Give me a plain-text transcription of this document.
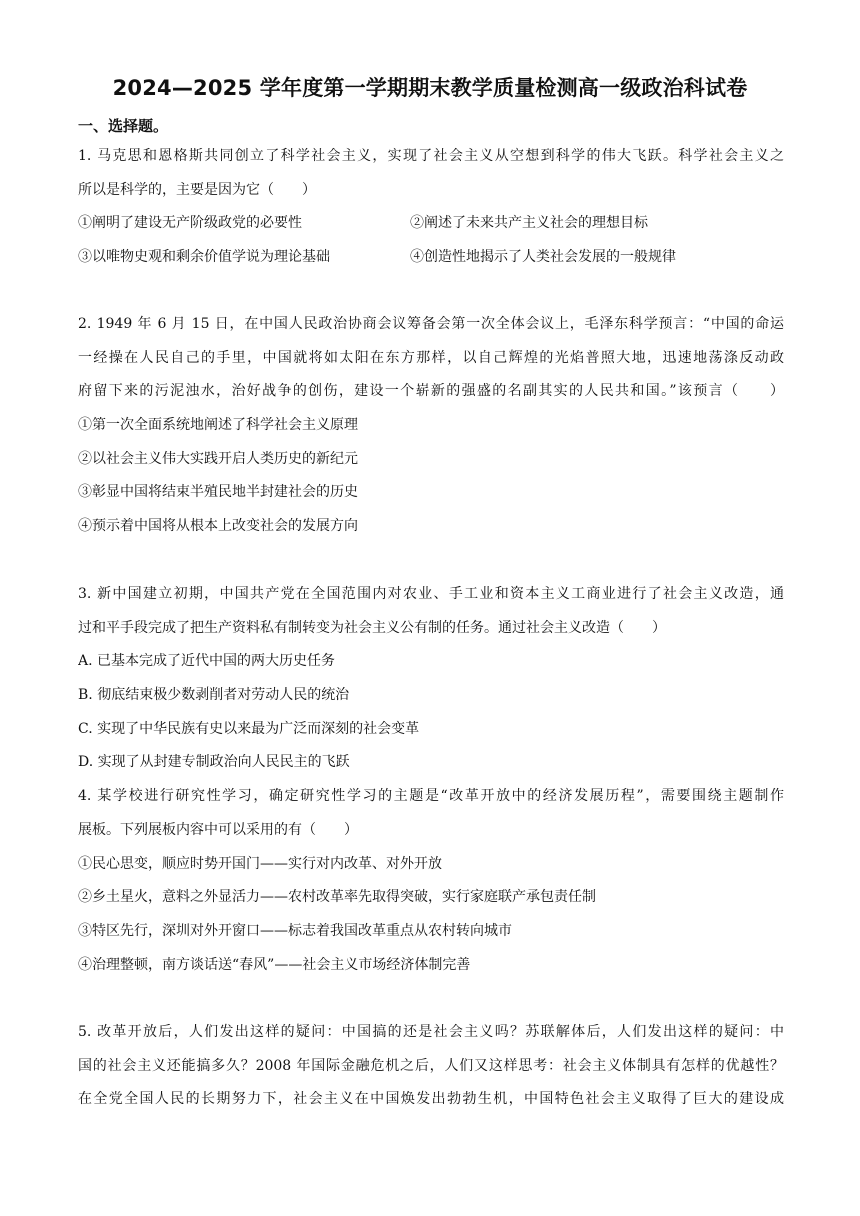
2024—2025 学年度第一学期期末教学质量检测高一级政治科试卷
一、选择题。
1. 马克思和恩格斯共同创立了科学社会主义，实现了社会主义从空想到科学的伟大飞跃。科学社会主义之
所以是科学的，主要是因为它（　　）
①阐明了建设无产阶级政党的必要性	②阐述了未来共产主义社会的理想目标
③以唯物史观和剩余价值学说为理论基础	④创造性地揭示了人类社会发展的一般规律
2. 1949 年 6 月 15 日，在中国人民政治协商会议筹备会第一次全体会议上，毛泽东科学预言：“中国的命运
一经操在人民自己的手里，中国就将如太阳在东方那样，以自己辉煌的光焰普照大地，迅速地荡涤反动政
府留下来的污泥浊水，治好战争的创伤，建设一个崭新的强盛的名副其实的人民共和国。”该预言（　　）
①第一次全面系统地阐述了科学社会主义原理
②以社会主义伟大实践开启人类历史的新纪元
③彰显中国将结束半殖民地半封建社会的历史
④预示着中国将从根本上改变社会的发展方向
3. 新中国建立初期，中国共产党在全国范围内对农业、手工业和资本主义工商业进行了社会主义改造，通
过和平手段完成了把生产资料私有制转变为社会主义公有制的任务。通过社会主义改造（　　）
A. 已基本完成了近代中国的两大历史任务
B. 彻底结束极少数剥削者对劳动人民的统治
C. 实现了中华民族有史以来最为广泛而深刻的社会变革
D. 实现了从封建专制政治向人民民主的飞跃
4. 某学校进行研究性学习，确定研究性学习的主题是“改革开放中的经济发展历程”，需要围绕主题制作
展板。下列展板内容中可以采用的有（　　）
①民心思变，顺应时势开国门——实行对内改革、对外开放
②乡土星火，意料之外显活力——农村改革率先取得突破，实行家庭联产承包责任制
③特区先行，深圳对外开窗口——标志着我国改革重点从农村转向城市
④治理整顿，南方谈话送“春风”——社会主义市场经济体制完善
5. 改革开放后，人们发出这样的疑问：中国搞的还是社会主义吗？苏联解体后，人们发出这样的疑问：中
国的社会主义还能搞多久？2008 年国际金融危机之后，人们又这样思考：社会主义体制具有怎样的优越性？
在全党全国人民的长期努力下，社会主义在中国焕发出勃勃生机，中国特色社会主义取得了巨大的建设成
